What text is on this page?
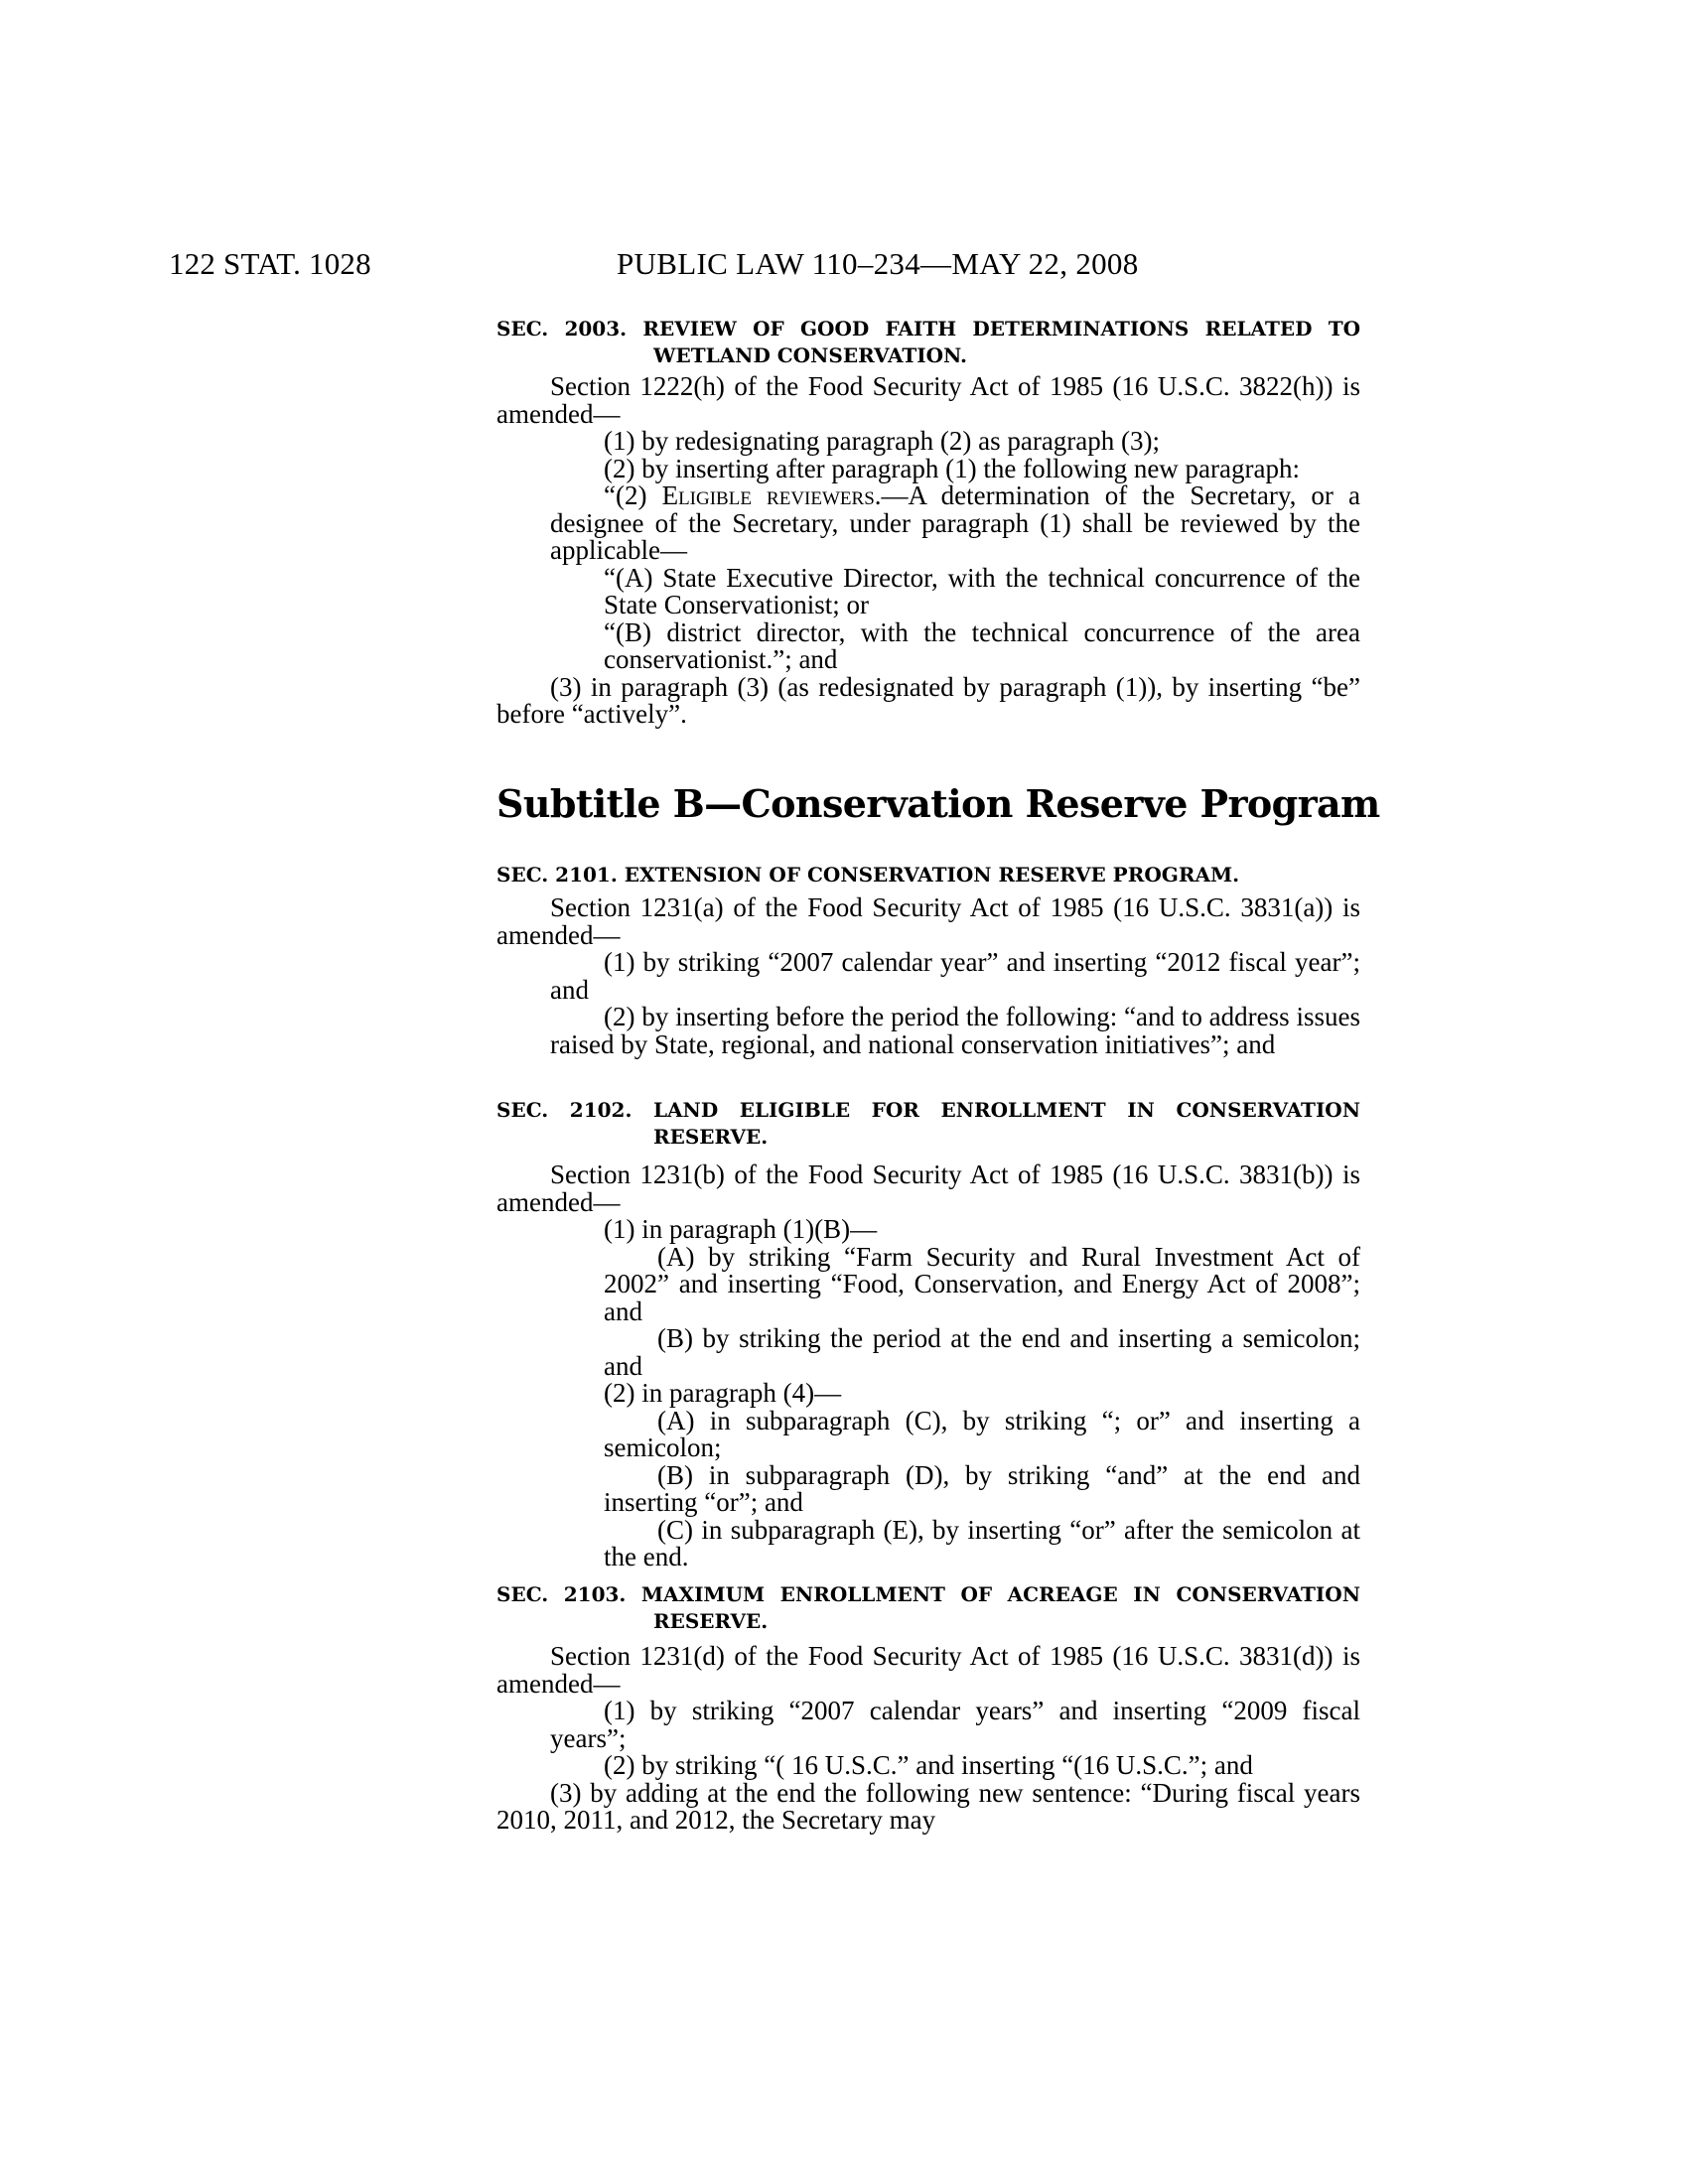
122 STAT. 1028	PUBLIC LAW 110–234—MAY 22, 2008
SEC. 2003. REVIEW OF GOOD FAITH DETERMINATIONS RELATED TO WETLAND CONSERVATION.

Section 1222(h) of the Food Security Act of 1985 (16 U.S.C. 3822(h)) is amended—

(1) by redesignating paragraph (2) as paragraph (3);

(2) by inserting after paragraph (1) the following new paragraph:

“(2) Eligible reviewers.—A determination of the Secretary, or a designee of the Secretary, under paragraph (1) shall be reviewed by the applicable—

“(A) State Executive Director, with the technical concurrence of the State Conservationist; or

“(B) district director, with the technical concurrence of the area conservationist.”; and

(3) in paragraph (3) (as redesignated by paragraph (1)), by inserting “be” before “actively”.

Subtitle B—Conservation Reserve Program
SEC. 2101. EXTENSION OF CONSERVATION RESERVE PROGRAM.

Section 1231(a) of the Food Security Act of 1985 (16 U.S.C. 3831(a)) is amended—

(1) by striking “2007 calendar year” and inserting “2012 fiscal year”; and

(2) by inserting before the period the following: “and to address issues raised by State, regional, and national conservation initiatives”; and

SEC. 2102. LAND ELIGIBLE FOR ENROLLMENT IN CONSERVATION RESERVE.

Section 1231(b) of the Food Security Act of 1985 (16 U.S.C. 3831(b)) is amended—

(1) in paragraph (1)(B)—

(A) by striking “Farm Security and Rural Investment Act of 2002” and inserting “Food, Conservation, and Energy Act of 2008”; and

(B) by striking the period at the end and inserting a semicolon; and

(2) in paragraph (4)—

(A) in subparagraph (C), by striking “; or” and inserting a semicolon;

(B) in subparagraph (D), by striking “and” at the end and inserting “or”; and

(C) in subparagraph (E), by inserting “or” after the semicolon at the end.

SEC. 2103. MAXIMUM ENROLLMENT OF ACREAGE IN CONSERVATION RESERVE.

Section 1231(d) of the Food Security Act of 1985 (16 U.S.C. 3831(d)) is amended—

(1) by striking “2007 calendar years” and inserting “2009 fiscal years”;

(2) by striking “( 16 U.S.C.” and inserting “(16 U.S.C.”; and

(3) by adding at the end the following new sentence: “During fiscal years 2010, 2011, and 2012, the Secretary may
